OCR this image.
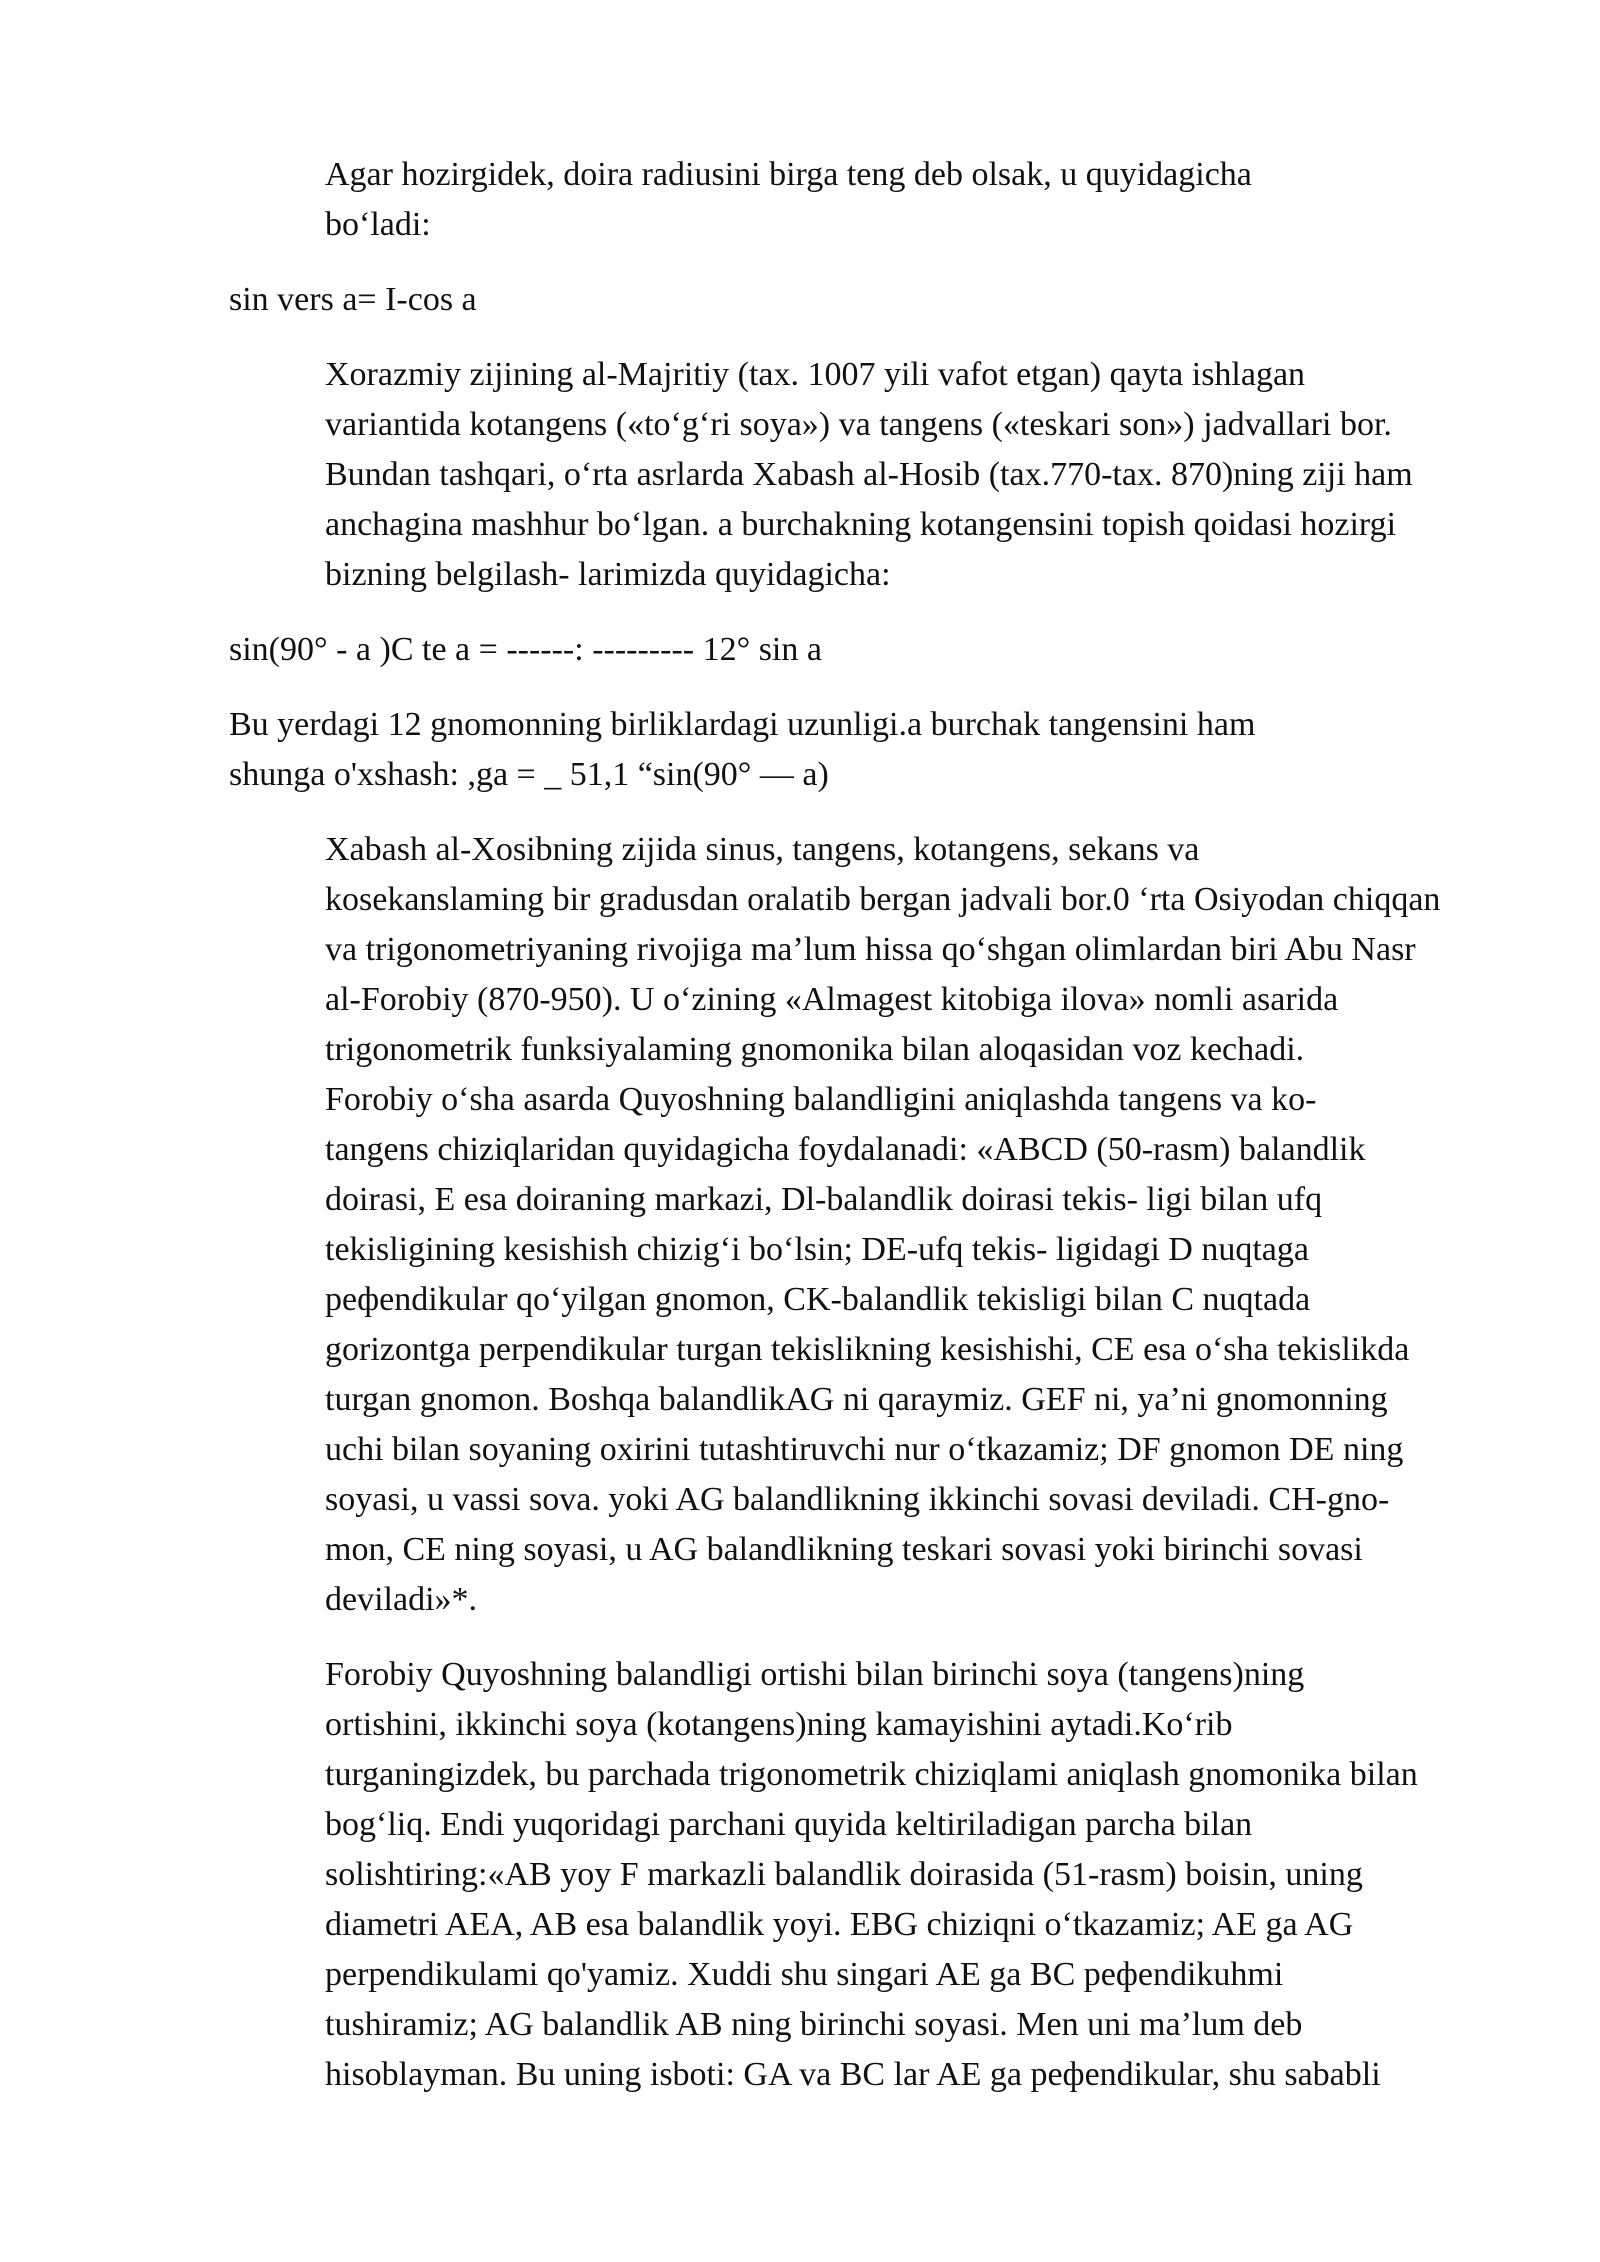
Agar hozirgidek, doira radiusini birga teng deb olsak, u quyidagicha
bo‘ladi:

sin vers a= I-cos a

Xorazmiy zijining al-Majritiy (tax. 1007 yili vafot etgan) qayta ishlagan
variantida kotangens («to‘g‘ri soya») va tangens («teskari son») jadvallari bor.
Bundan tashqari, o‘rta asrlarda Xabash al-Hosib (tax.770-tax. 870)ning ziji ham
anchagina mashhur bo‘lgan. a burchakning kotangensini topish qoidasi hozirgi
bizning belgilash- larimizda quyidagicha:

sin(90° - a )C te a = ------: --------- 12° sin a

Bu yerdagi 12 gnomonning birliklardagi uzunligi.a burchak tangensini ham
shunga o'xshash: ,ga = _ 51,1 “sin(90° — a)

Xabash al-Xosibning zijida sinus, tangens, kotangens, sekans va
kosekanslaming bir gradusdan oralatib bergan jadvali bor.0 ‘rta Osiyodan chiqqan
va trigonometriyaning rivojiga ma’lum hissa qo‘shgan olimlardan biri Abu Nasr
al-Forobiy (870-950). U o‘zining «Almagest kitobiga ilova» nomli asarida
trigonometrik funksiyalaming gnomonika bilan aloqasidan voz kechadi.
Forobiy o‘sha asarda Quyoshning balandligini aniqlashda tangens va ko-
tangens chiziqlaridan quyidagicha foydalanadi: «ABCD (50-rasm) balandlik
doirasi, E esa doiraning markazi, Dl-balandlik doirasi tekis- ligi bilan ufq
tekisligining kesishish chizig‘i bo‘lsin; DE-ufq tekis- ligidagi D nuqtaga
peфendikular qo‘yilgan gnomon, CK-balandlik tekisligi bilan C nuqtada
gorizontga perpendikular turgan tekislikning kesishishi, CE esa o‘sha tekislikda
turgan gnomon. Boshqa balandlikAG ni qaraymiz. GEF ni, ya’ni gnomonning
uchi bilan soyaning oxirini tutashtiruvchi nur o‘tkazamiz; DF gnomon DE ning
soyasi, u vassi sova. yoki AG balandlikning ikkinchi sovasi deviladi. CH-gno-
mon, CE ning soyasi, u AG balandlikning teskari sovasi yoki birinchi sovasi
deviladi»*.

Forobiy Quyoshning balandligi ortishi bilan birinchi soya (tangens)ning
ortishini, ikkinchi soya (kotangens)ning kamayishini aytadi.Ko‘rib
turganingizdek, bu parchada trigonometrik chiziqlami aniqlash gnomonika bilan
bog‘liq. Endi yuqoridagi parchani quyida keltiriladigan parcha bilan
solishtiring:«AB yoy F markazli balandlik doirasida (51-rasm) boisin, uning
diametri AEA, AB esa balandlik yoyi. EBG chiziqni o‘tkazamiz; AE ga AG
perpendikulami qo'yamiz. Xuddi shu singari AE ga BC peфendikuhmi
tushiramiz; AG balandlik AB ning birinchi soyasi. Men uni ma’lum deb
hisoblayman. Bu uning isboti: GA va BC lar AE ga peфendikular, shu sababli
